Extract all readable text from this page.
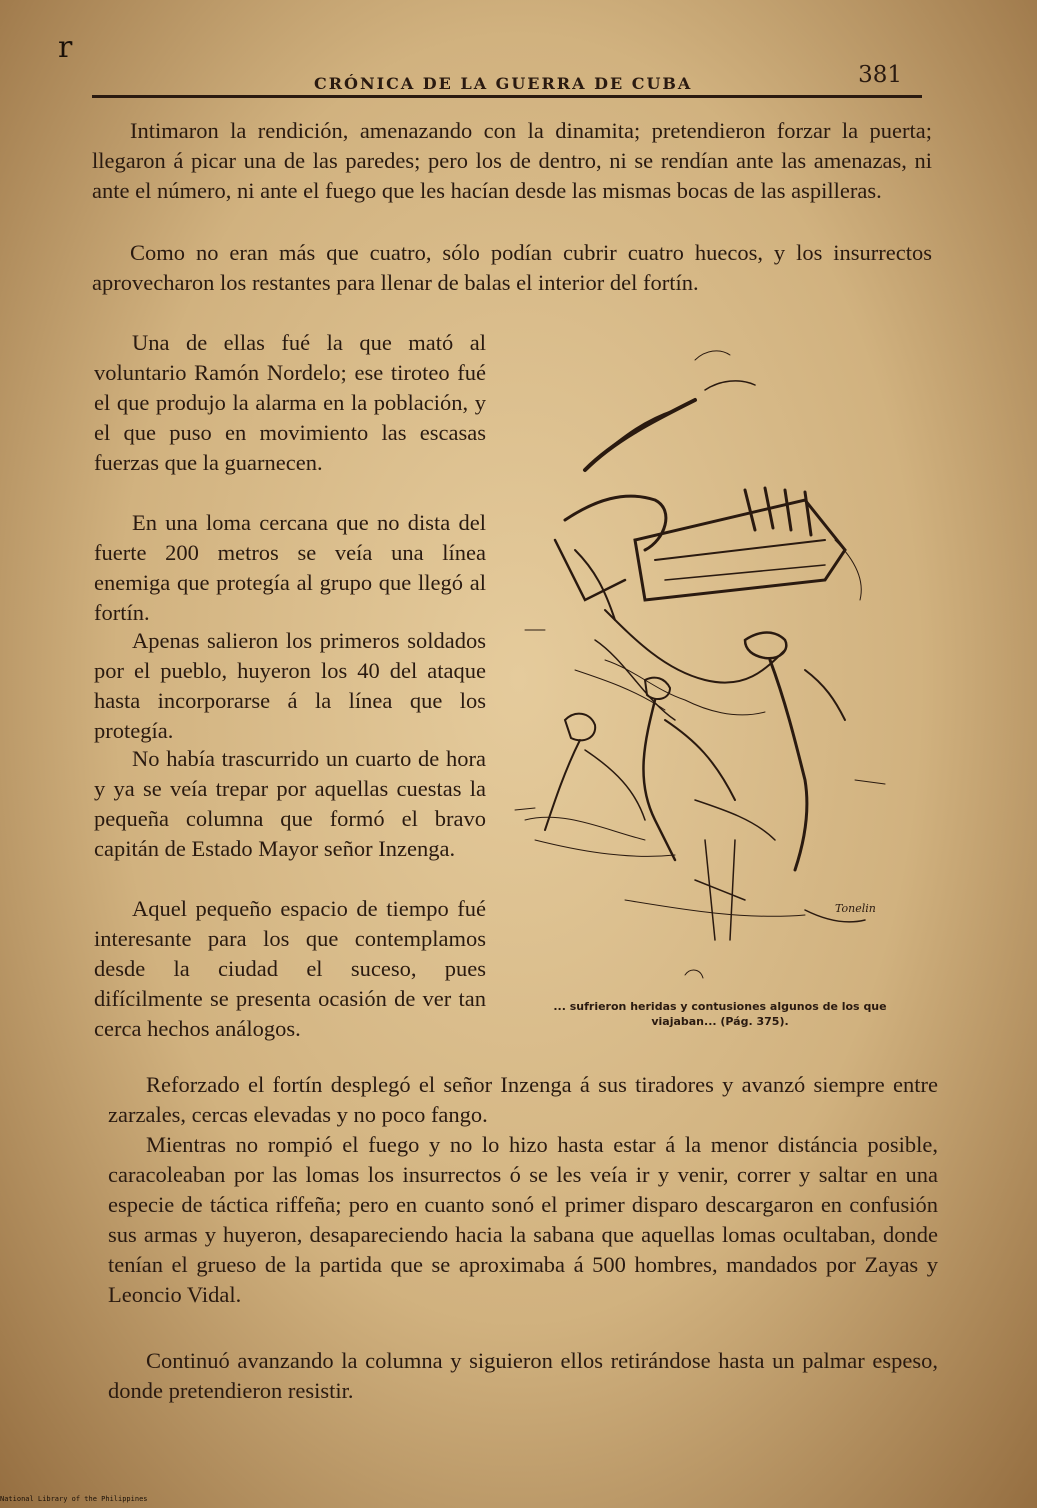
r
CRÓNICA DE LA GUERRA DE CUBA	381
Intimaron la rendición, amenazando con la dinamita; pretendieron forzar la puerta; llegaron á picar una de las paredes; pero los de dentro, ni se rendían ante las amenazas, ni ante el número, ni ante el fuego que les hacían desde las mismas bocas de las aspilleras.
Como no eran más que cuatro, sólo podían cubrir cuatro huecos, y los insurrectos aprovecharon los restantes para llenar de balas el interior del fortín.
Una de ellas fué la que mató al voluntario Ramón Nordelo; ese tiroteo fué el que produjo la alarma en la población, y el que puso en movimiento las escasas fuerzas que la guarnecen.
En una loma cercana que no dista del fuerte 200 metros se veía una línea enemiga que protegía al grupo que llegó al fortín.
Apenas salieron los primeros soldados por el pueblo, huyeron los 40 del ataque hasta incorporarse á la línea que los protegía.
No había trascurrido un cuarto de hora y ya se veía trepar por aquellas cuestas la pequeña columna que formó el bravo capitán de Estado Mayor señor Inzenga.
Aquel pequeño espacio de tiempo fué interesante para los que contemplamos desde la ciudad el suceso, pues difícilmente se presenta ocasión de ver tan cerca hechos análogos.
Tonelin
... sufrieron heridas y contusiones algunos de los que viajaban... (Pág. 375).
Reforzado el fortín desplegó el señor Inzenga á sus tiradores y avanzó siempre entre zarzales, cercas elevadas y no poco fango.
Mientras no rompió el fuego y no lo hizo hasta estar á la menor distáncia posible, caracoleaban por las lomas los insurrectos ó se les veía ir y venir, correr y saltar en una especie de táctica riffeña; pero en cuanto sonó el primer disparo descargaron en confusión sus armas y huyeron, desapareciendo hacia la sabana que aquellas lomas ocultaban, donde tenían el grueso de la partida que se aproximaba á 500 hombres, mandados por Zayas y Leoncio Vidal.
Continuó avanzando la columna y siguieron ellos retirándose hasta un palmar espeso, donde pretendieron resistir.
National Library of the Philippines
